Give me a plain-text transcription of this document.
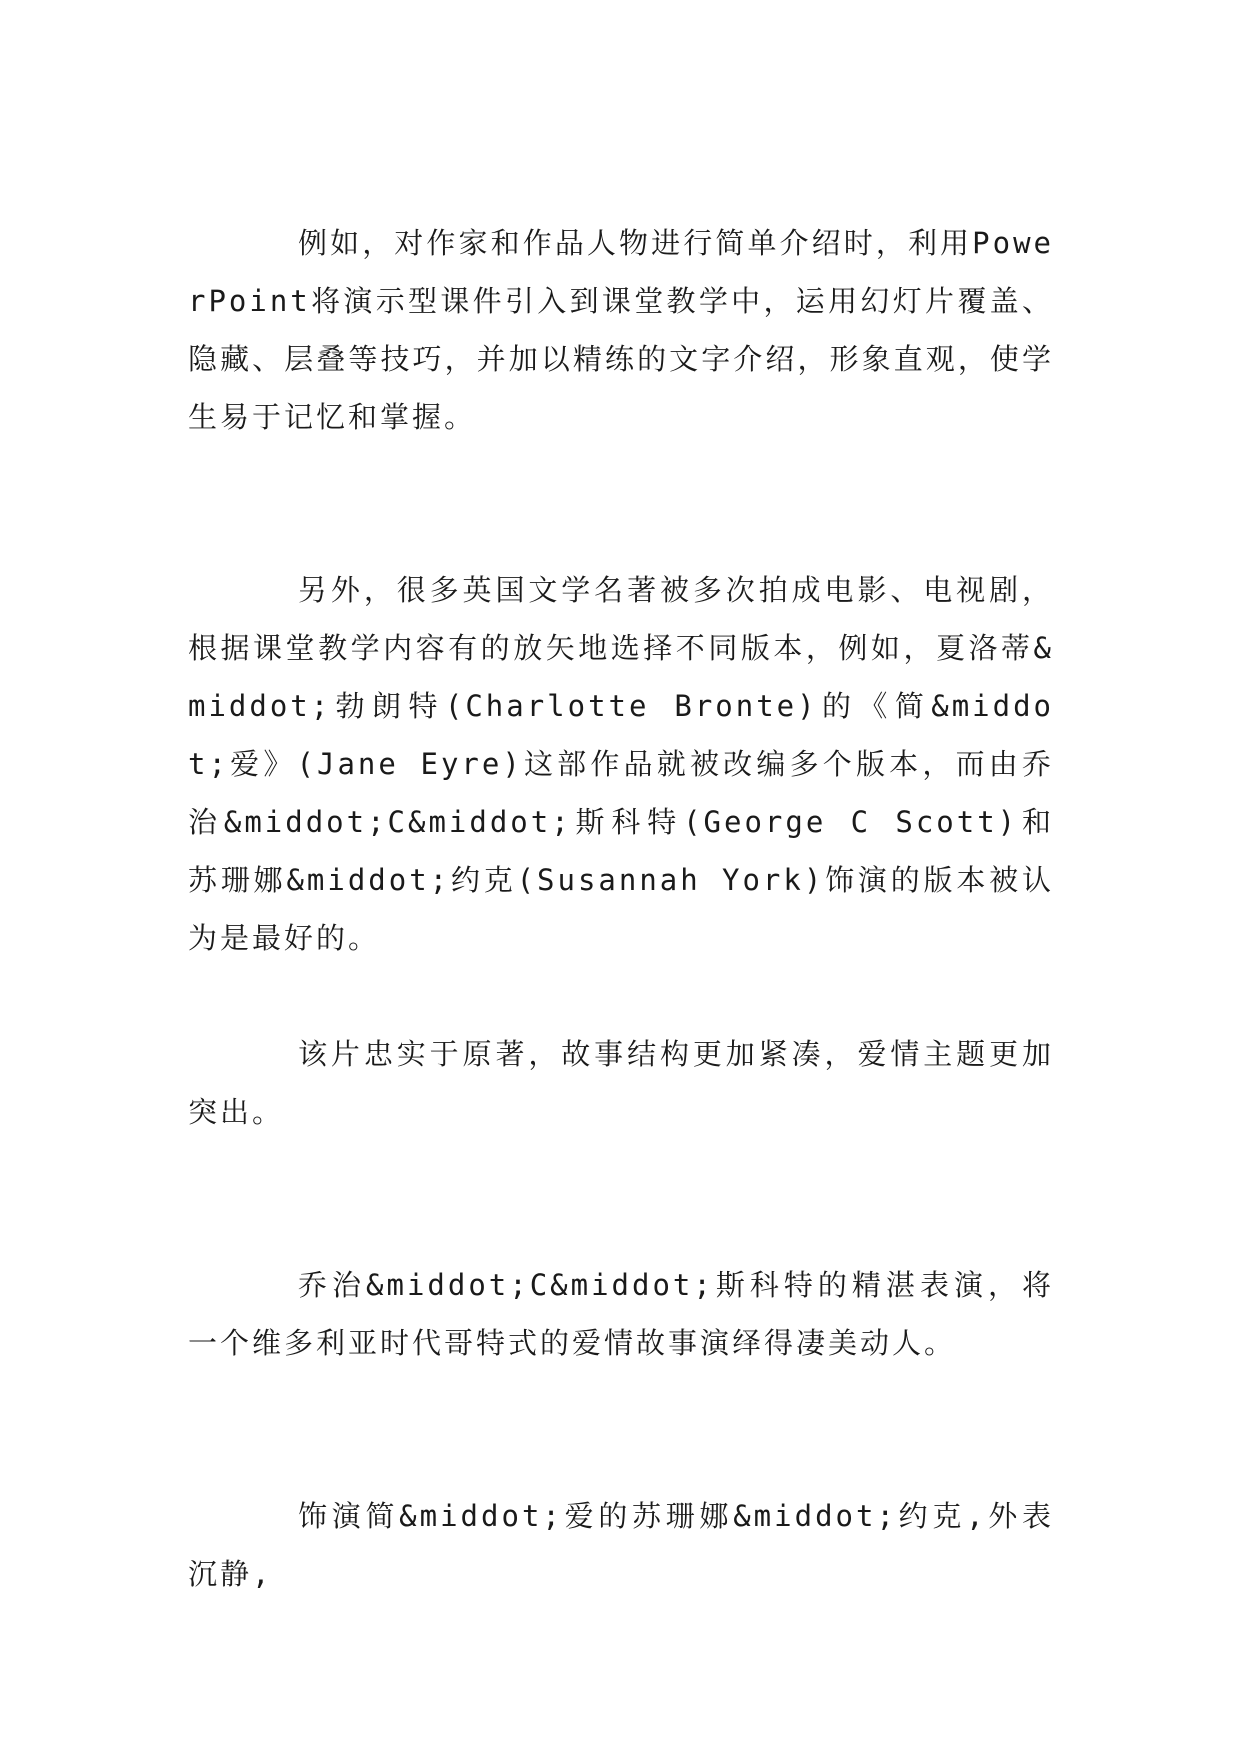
例如，对作家和作品人物进行简单介绍时，利用PowerPoint将演示型课件引入到课堂教学中，运用幻灯片覆盖、隐藏、层叠等技巧，并加以精练的文字介绍，形象直观，使学生易于记忆和掌握。

另外，很多英国文学名著被多次拍成电影、电视剧，根据课堂教学内容有的放矢地选择不同版本，例如，夏洛蒂&middot;勃朗特(Charlotte Bronte)的《简&middot;爱》(Jane Eyre)这部作品就被改编多个版本，而由乔治&middot;C&middot;斯科特(George C Scott)和苏珊娜&middot;约克(Susannah York)饰演的版本被认为是最好的。

该片忠实于原著，故事结构更加紧凑，爱情主题更加突出。

乔治&middot;C&middot;斯科特的精湛表演，将一个维多利亚时代哥特式的爱情故事演绎得凄美动人。

饰演简&middot;爱的苏珊娜&middot;约克,外表沉静,
